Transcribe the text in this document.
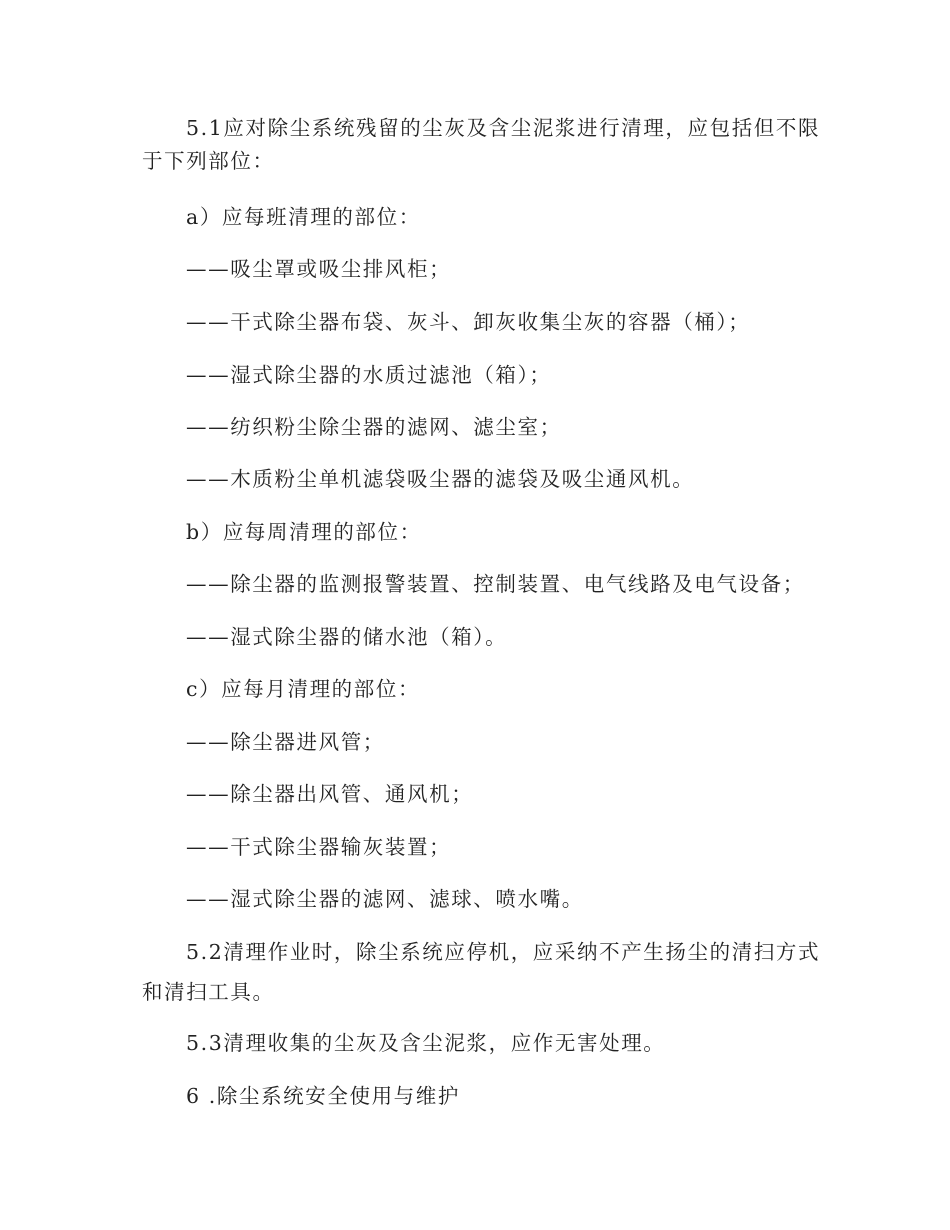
5.1应对除尘系统残留的尘灰及含尘泥浆进行清理，应包括但不限
于下列部位：
a）应每班清理的部位：
——吸尘罩或吸尘排风柜；
——干式除尘器布袋、灰斗、卸灰收集尘灰的容器（桶）；
——湿式除尘器的水质过滤池（箱）；
——纺织粉尘除尘器的滤网、滤尘室；
——木质粉尘单机滤袋吸尘器的滤袋及吸尘通风机。
b）应每周清理的部位：
——除尘器的监测报警装置、控制装置、电气线路及电气设备；
——湿式除尘器的储水池（箱）。
c）应每月清理的部位：
——除尘器进风管；
——除尘器出风管、通风机；
——干式除尘器输灰装置；
——湿式除尘器的滤网、滤球、喷水嘴。
5.2清理作业时，除尘系统应停机，应采纳不产生扬尘的清扫方式
和清扫工具。
5.3清理收集的尘灰及含尘泥浆，应作无害处理。
6 .除尘系统安全使用与维护
